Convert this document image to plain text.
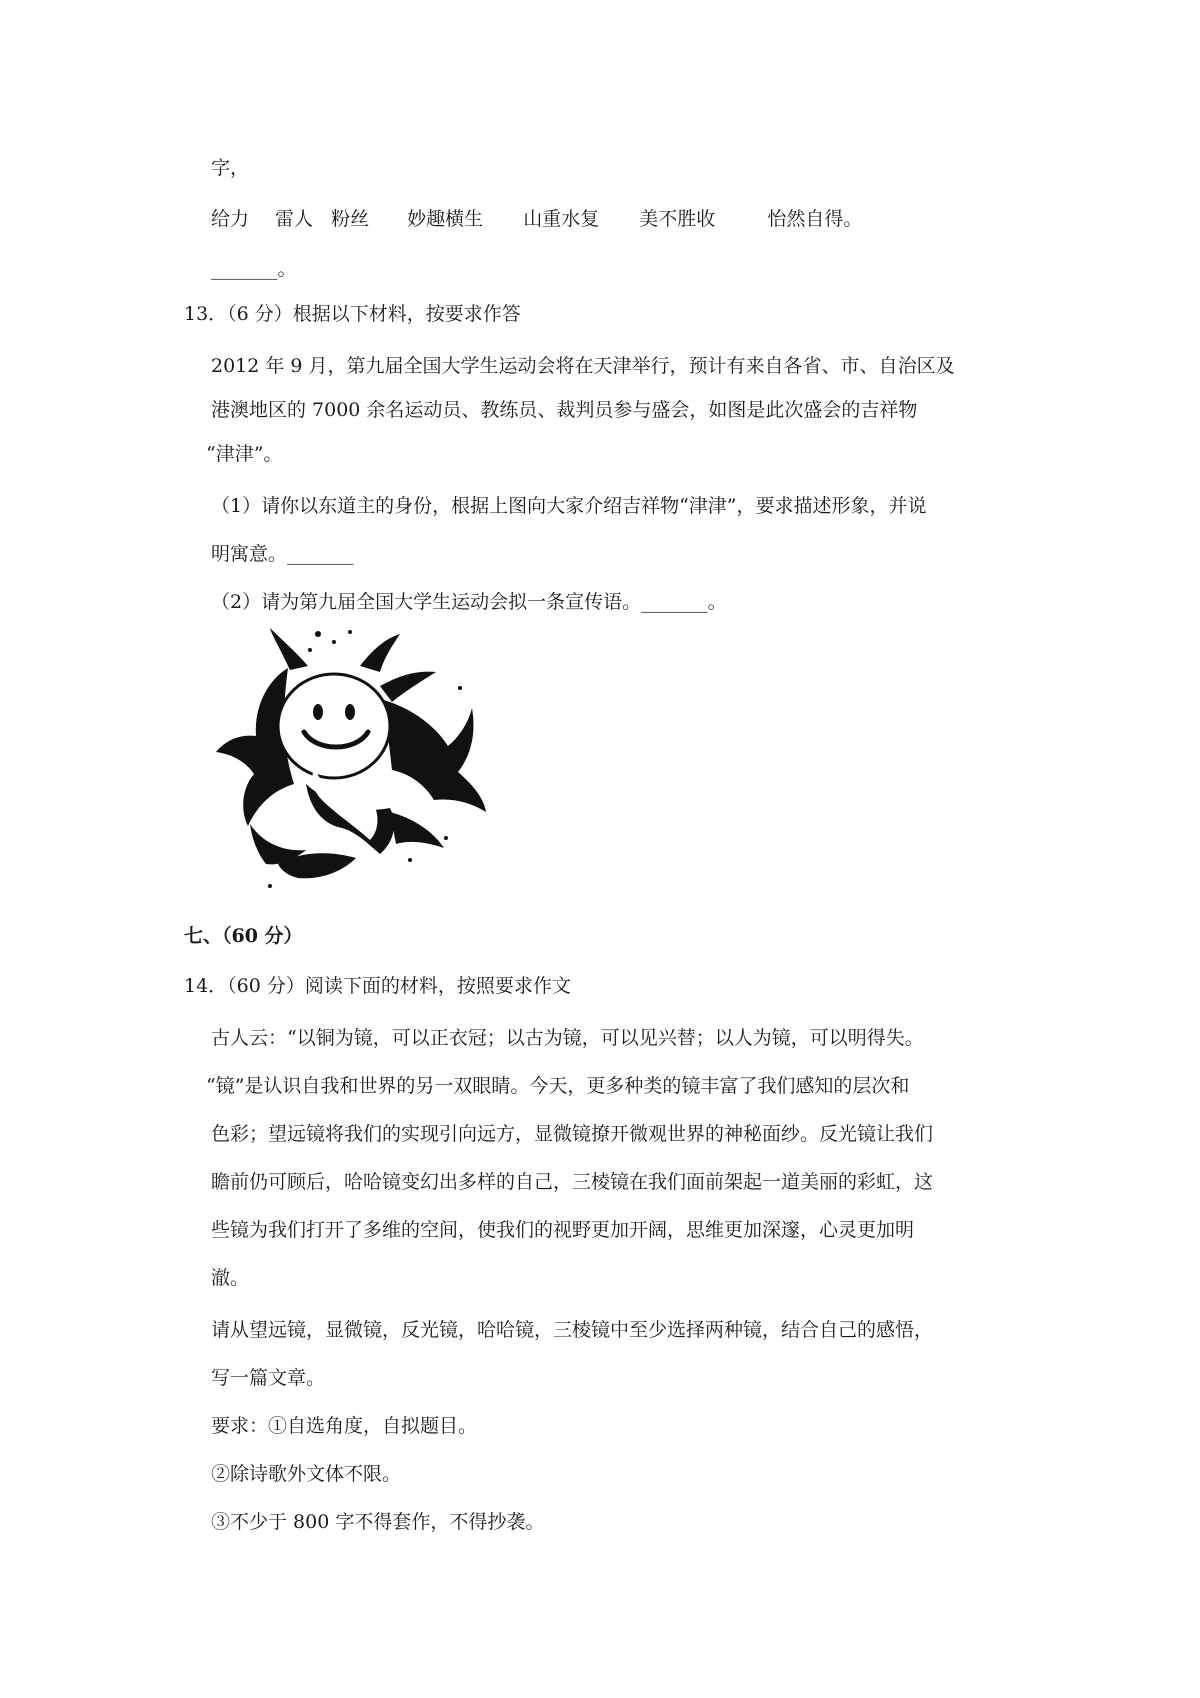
字，
给力 雷人 粉丝 妙趣横生 山重水复 美不胜收	怡然自得。
_______。
13．（6 分）根据以下材料，按要求作答
2012 年 9 月，第九届全国大学生运动会将在天津举行，预计有来自各省、市、自治区及
港澳地区的 7000 余名运动员、教练员、裁判员参与盛会，如图是此次盛会的吉祥物
“津津”。
（1）请你以东道主的身份，根据上图向大家介绍吉祥物“津津”，要求描述形象，并说
明寓意。_______
（2）请为第九届全国大学生运动会拟一条宣传语。_______。
七、（60 分）
14．（60 分）阅读下面的材料，按照要求作文
古人云：“以铜为镜，可以正衣冠；以古为镜，可以见兴替；以人为镜，可以明得失。
“镜”是认识自我和世界的另一双眼睛。今天，更多种类的镜丰富了我们感知的层次和
色彩；望远镜将我们的实现引向远方，显微镜撩开微观世界的神秘面纱。反光镜让我们
瞻前仍可顾后，哈哈镜变幻出多样的自己，三棱镜在我们面前架起一道美丽的彩虹，这
些镜为我们打开了多维的空间，使我们的视野更加开阔，思维更加深邃，心灵更加明
澈。
请从望远镜，显微镜，反光镜，哈哈镜，三棱镜中至少选择两种镜，结合自己的感悟，
写一篇文章。
要求：①自选角度，自拟题目。
②除诗歌外文体不限。
③不少于 800 字不得套作，不得抄袭。
